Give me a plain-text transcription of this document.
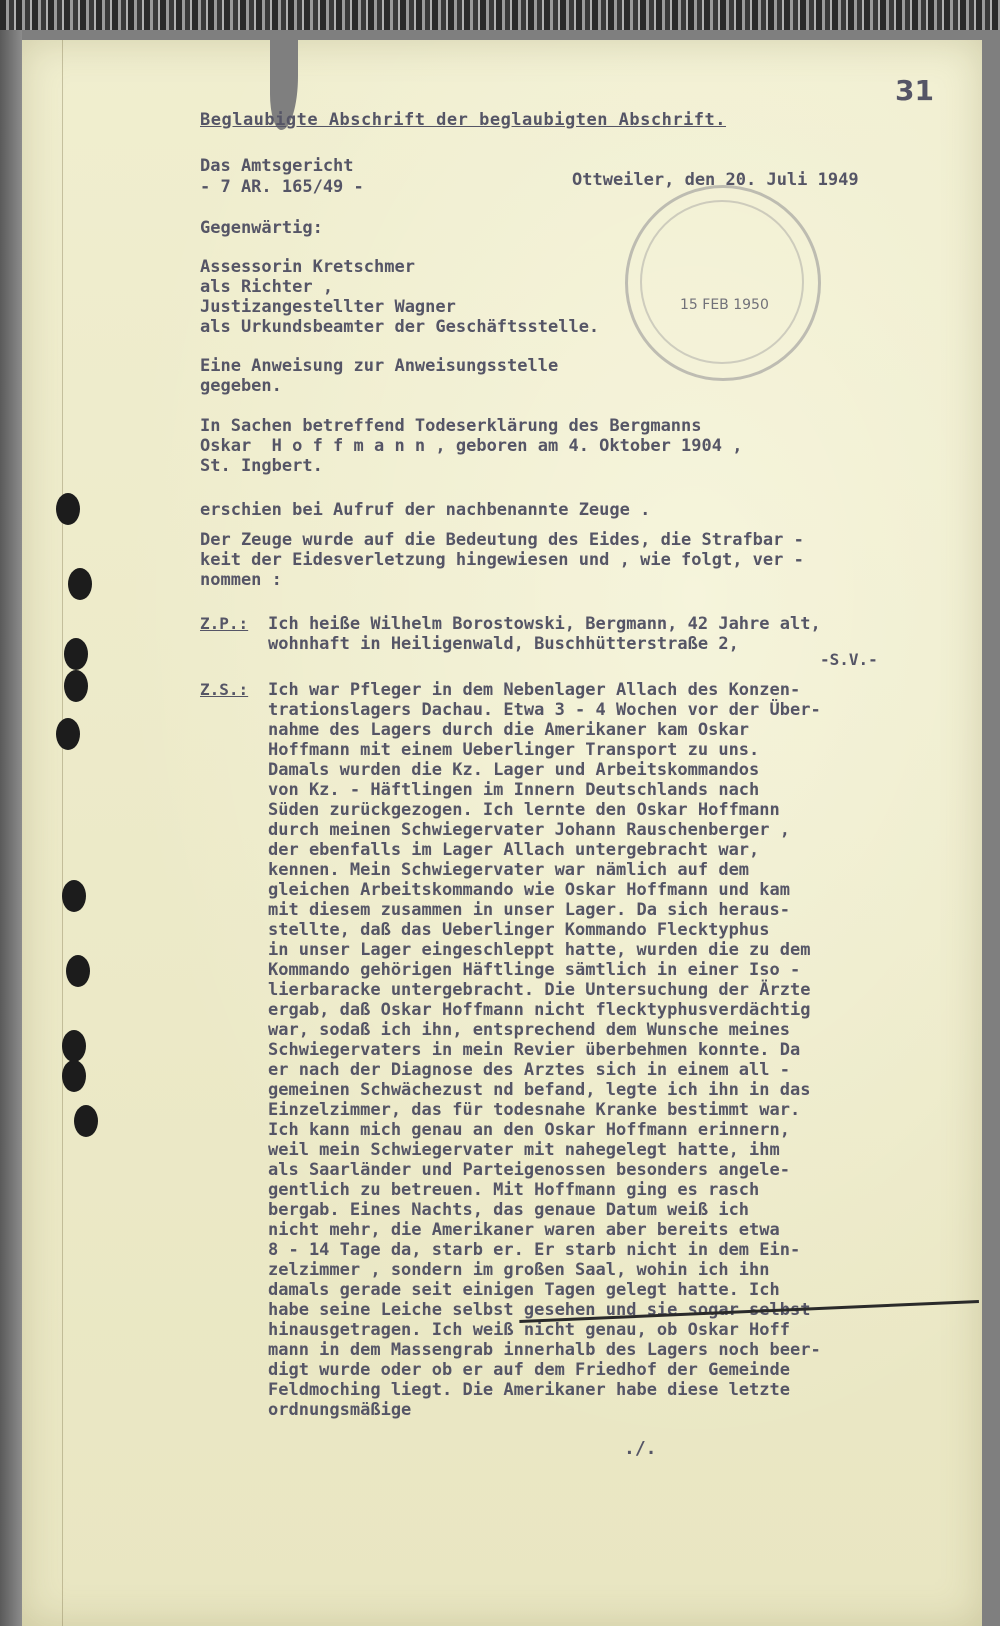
31
Beglaubigte Abschrift der beglaubigten Abschrift.
Das Amtsgericht
- 7 AR. 165/49 -	Ottweiler, den 20. Juli 1949
Gegenwärtig:
Assessorin Kretschmer
als Richter ,
Justizangestellter Wagner
als Urkundsbeamter der Geschäftsstelle.
15 FEB 1950
Eine Anweisung zur Anweisungsstelle
gegeben.
In Sachen betreffend Todeserklärung des Bergmanns
Oskar  H o f f m a n n , geboren am 4. Oktober 1904 ,
St. Ingbert.
erschien bei Aufruf der nachbenannte Zeuge .
Der Zeuge wurde auf die Bedeutung des Eides, die Strafbar -
keit der Eidesverletzung hingewiesen und , wie folgt, ver -
nommen :
Z.P.: Ich heiße Wilhelm Borostowski, Bergmann, 42 Jahre alt,
wohnhaft in Heiligenwald, Buschhütterstraße 2,
Z.S.: Ich war Pfleger in dem Nebenlager Allach des Konzen-
trationslagers Dachau. Etwa 3 - 4 Wochen vor der Über-
nahme des Lagers durch die Amerikaner kam Oskar
Hoffmann mit einem Ueberlinger Transport zu uns.
Damals wurden die Kz. Lager und Arbeitskommandos
von Kz. - Häftlingen im Innern Deutschlands nach
Süden zurückgezogen. Ich lernte den Oskar Hoffmann
durch meinen Schwiegervater Johann Rauschenberger ,
der ebenfalls im Lager Allach untergebracht war,
kennen. Mein Schwiegervater war nämlich auf dem
gleichen Arbeitskommando wie Oskar Hoffmann und kam
mit diesem zusammen in unser Lager. Da sich heraus-
stellte, daß das Ueberlinger Kommando Flecktyphus
in unser Lager eingeschleppt hatte, wurden die zu dem
Kommando gehörigen Häftlinge sämtlich in einer Iso -
lierbaracke untergebracht. Die Untersuchung der Ärzte
ergab, daß Oskar Hoffmann nicht flecktyphusverdächtig
war, sodaß ich ihn, entsprechend dem Wunsche meines
Schwiegervaters in mein Revier überbehmen konnte. Da
er nach der Diagnose des Arztes sich in einem all -
gemeinen Schwächezust nd befand, legte ich ihn in das
Einzelzimmer, das für todesnahe Kranke bestimmt war.
Ich kann mich genau an den Oskar Hoffmann erinnern,
weil mein Schwiegervater mit nahegelegt hatte, ihm
als Saarländer und Parteigenossen besonders angele-
gentlich zu betreuen. Mit Hoffmann ging es rasch
bergab. Eines Nachts, das genaue Datum weiß ich
nicht mehr, die Amerikaner waren aber bereits etwa
8 - 14 Tage da, starb er. Er starb nicht in dem Ein-
zelzimmer , sondern im großen Saal, wohin ich ihn
damals gerade seit einigen Tagen gelegt hatte. Ich
habe seine Leiche selbst gesehen und sie sogar selbst
hinausgetragen. Ich weiß nicht genau, ob Oskar Hoff
mann in dem Massengrab innerhalb des Lagers noch beer-
digt wurde oder ob er auf dem Friedhof der Gemeinde
Feldmoching liegt. Die Amerikaner habe diese letzte
ordnungsmäßige
-S.V.-
./.
